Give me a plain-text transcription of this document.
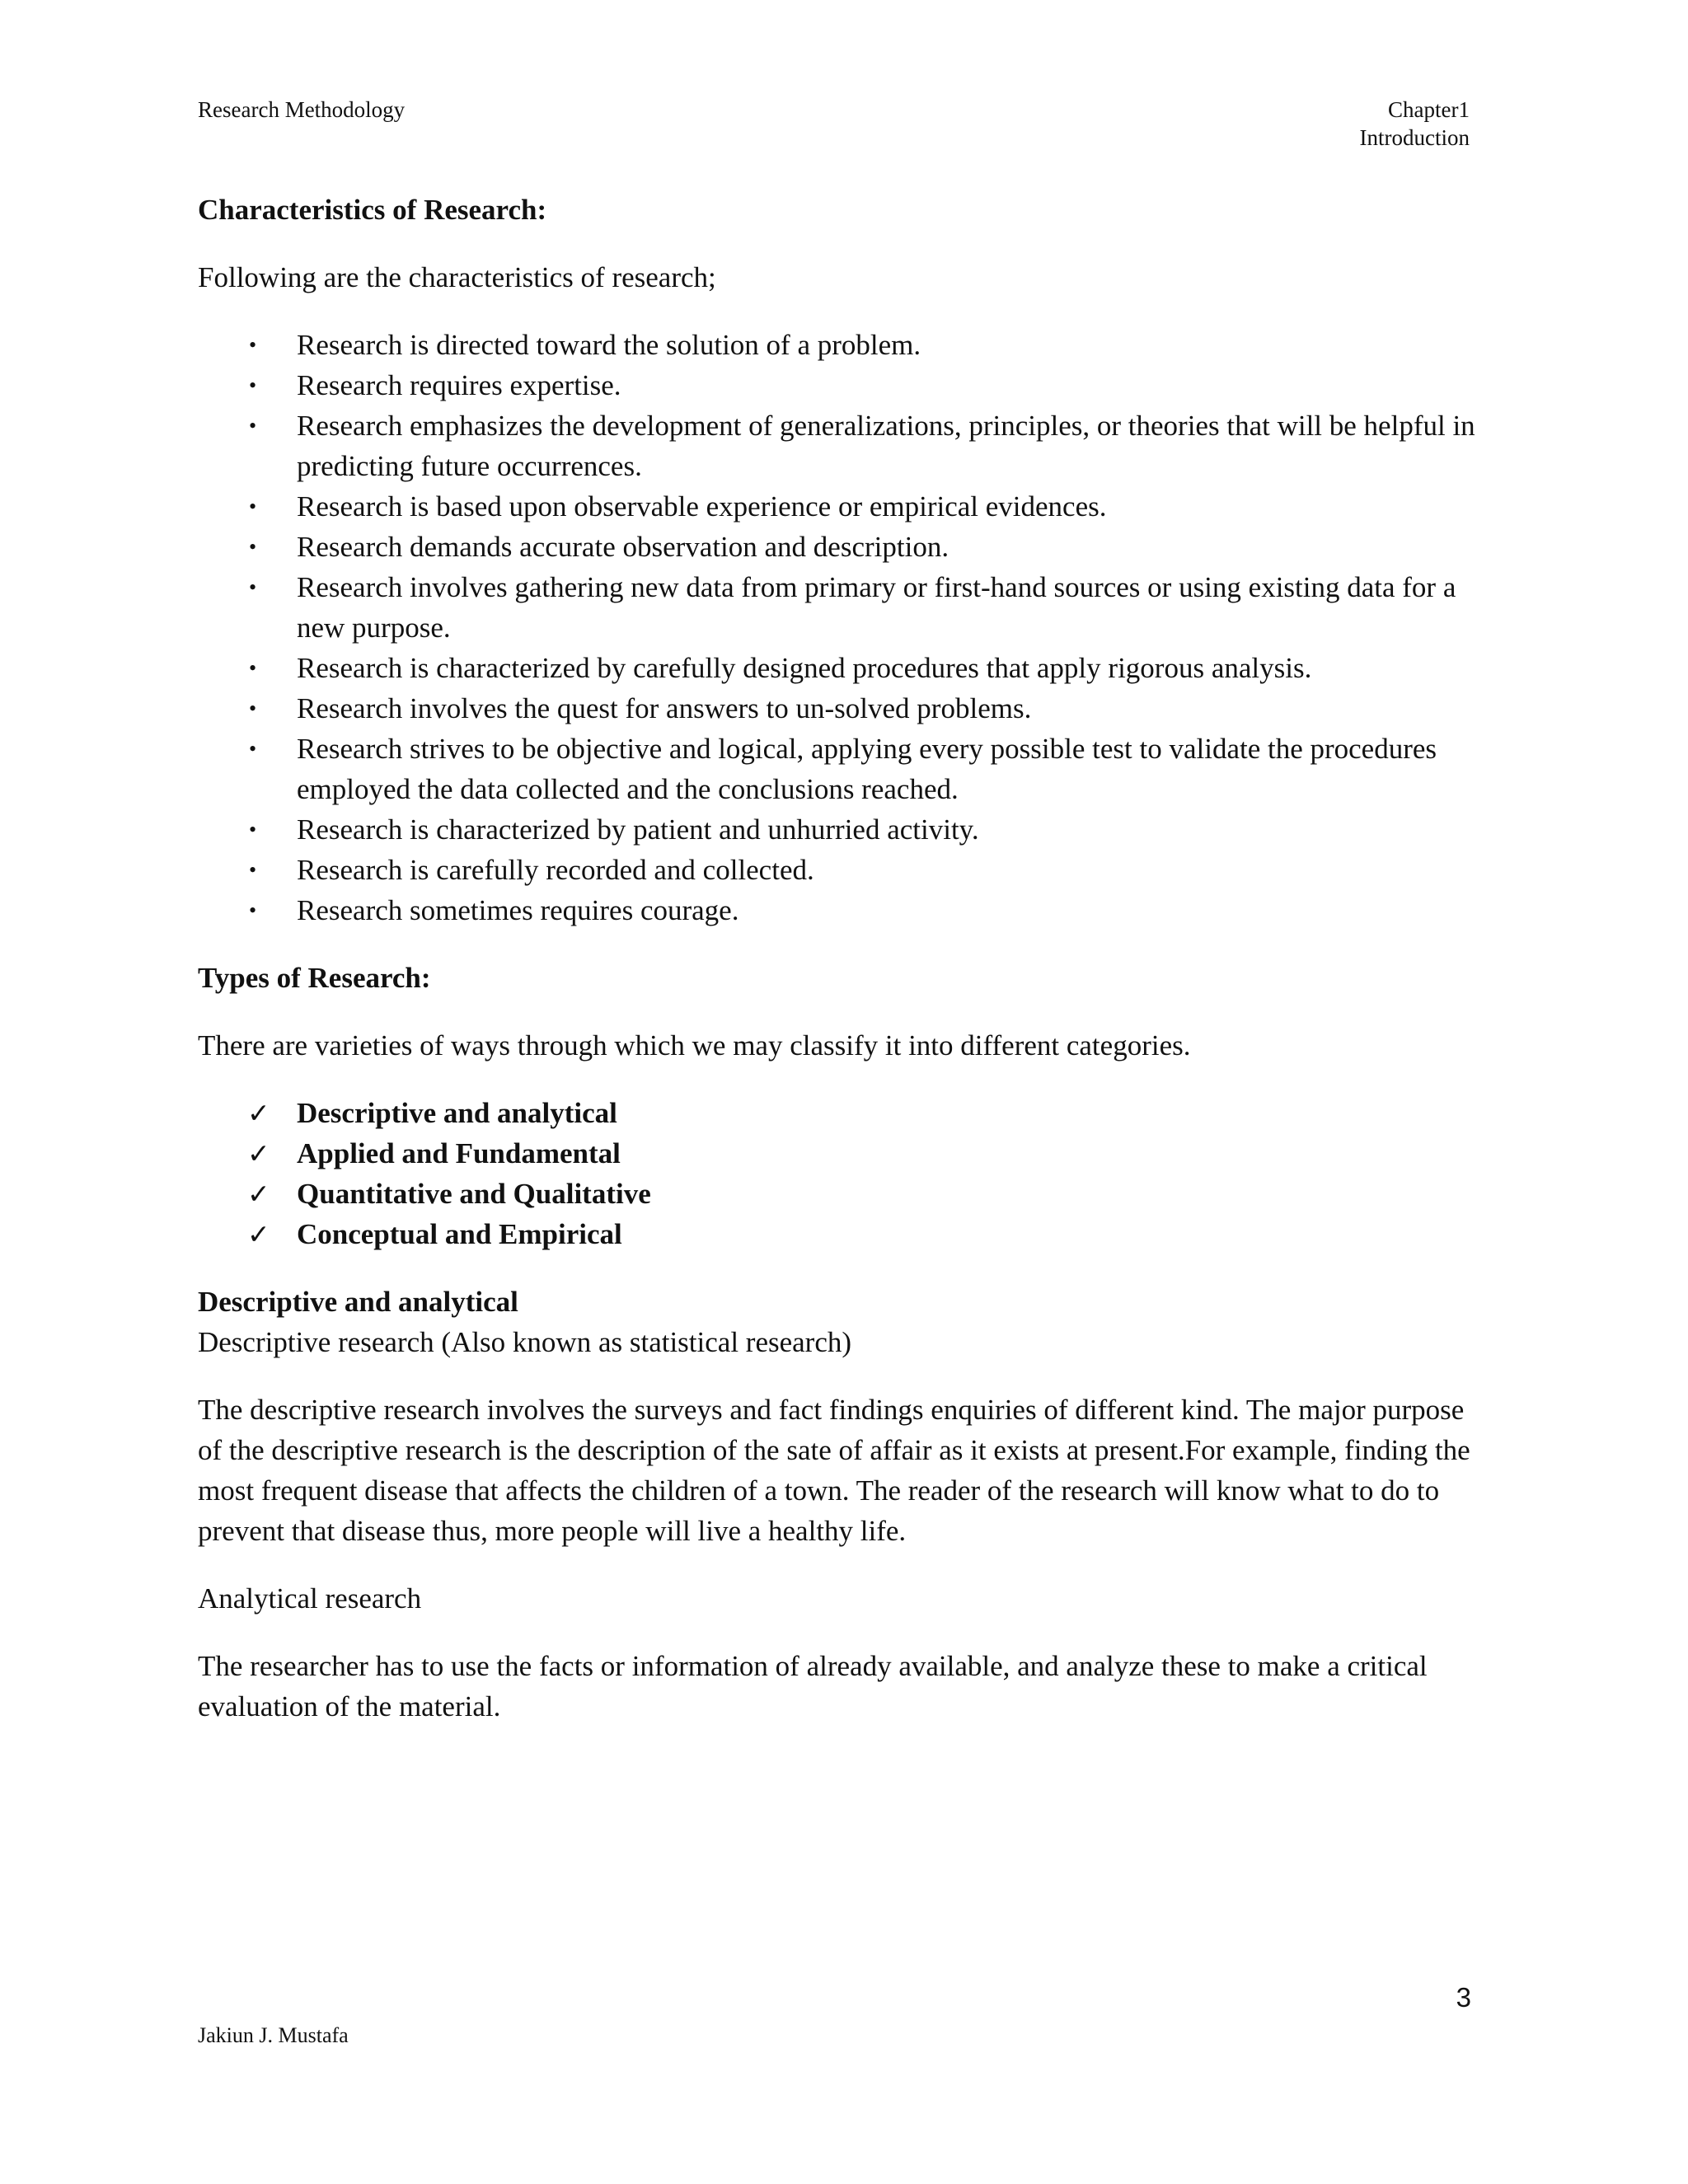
Research Methodology	Chapter1
Introduction

Characteristics of Research:

Following are the characteristics of research;

• Research is directed toward the solution of a problem.
• Research requires expertise.
• Research emphasizes the development of generalizations, principles, or theories that will be helpful in predicting future occurrences.
• Research is based upon observable experience or empirical evidences.
• Research demands accurate observation and description.
• Research involves gathering new data from primary or first-hand sources or using existing data for a new purpose.
• Research is characterized by carefully designed procedures that apply rigorous analysis.
• Research involves the quest for answers to un-solved problems.
• Research strives to be objective and logical, applying every possible test to validate the procedures employed the data collected and the conclusions reached.
• Research is characterized by patient and unhurried activity.
• Research is carefully recorded and collected.
• Research sometimes requires courage.

Types of Research:

There are varieties of ways through which we may classify it into different categories.

✓ Descriptive and analytical
✓ Applied and Fundamental
✓ Quantitative and Qualitative
✓ Conceptual and Empirical

Descriptive and analytical

Descriptive research (Also known as statistical research)

The descriptive research involves the surveys and fact findings enquiries of different kind. The major purpose of the descriptive research is the description of the sate of affair as it exists at present.For example, finding the most frequent disease that affects the children of a town. The reader of the research will know what to do to prevent that disease thus, more people will live a healthy life.

Analytical research

The researcher has to use the facts or information of already available, and analyze these to make a critical evaluation of the material.

3
Jakiun J. Mustafa
